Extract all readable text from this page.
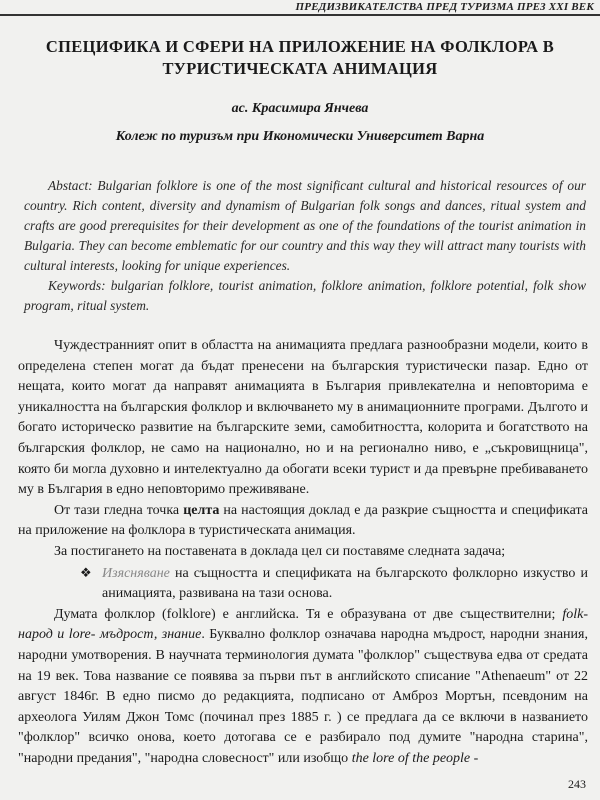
ПРЕДИЗВИКАТЕЛСТВА ПРЕД ТУРИЗМА ПРЕЗ XXI ВЕК
СПЕЦИФИКА И СФЕРИ НА ПРИЛОЖЕНИЕ НА ФОЛКЛОРА В ТУРИСТИЧЕСКАТА АНИМАЦИЯ
ас. Красимира Янчева
Колеж по туризъм при Икономически Университет Варна

Abstact: Bulgarian folklore is one of the most significant cultural and historical resources of our country. Rich content, diversity and dynamism of Bulgarian folk songs and dances, ritual system and crafts are good prerequisites for their development as one of the foundations of the tourist animation in Bulgaria. They can become emblematic for our country and this way they will attract many tourists with cultural interests, looking for unique experiences.

Keywords: bulgarian folklore, tourist animation, folklore animation, folklore potential, folk show program, ritual system.

Чуждестранният опит в областта на анимацията предлага разнообразни модели, които в определена степен могат да бъдат пренесени на българския туристически пазар. Едно от нещата, които могат да направят анимацията в България привлекателна и неповторима е уникалността на българския фолклор и включването му в анимационните програми. Дългото и богато историческо развитие на българските земи, самобитността, колорита и богатството на българския фолклор, не само на национално, но и на регионално ниво, е „съкровищница", която би могла духовно и интелектуално да обогати всеки турист и да превърне пребиваването му в България в едно неповторимо преживяване.

От тази гледна точка целта на настоящия доклад е да разкрие същността и спецификата на приложение на фолклора в туристическата анимация.

За постигането на поставената в доклада цел си поставяме следната задача;

❖ Изясняване на същността и спецификата на българското фолклорно изкуство и анимацията, развивана на тази основа.

Думата фолклор (folklore) е английска. Тя е образувана от две съществителни; folk- народ и lore- мъдрост, знание. Буквално фолклор означава народна мъдрост, народни знания, народни умотворения. В научната терминология думата "фолклор" съществува едва от средата на 19 век. Това название се появява за първи път в английското списание "Athenaeum" от 22 август 1846г. В едно писмо до редакцията, подписано от Амброз Мортън, псевдоним на археолога Уилям Джон Томс (починал през 1885 г. ) се предлага да се включи в названието "фолклор" всичко онова, което дотогава се е разбирало под думите "народна старина", "народни предания", "народна словесност" или изобщо the lore of the people -

243
